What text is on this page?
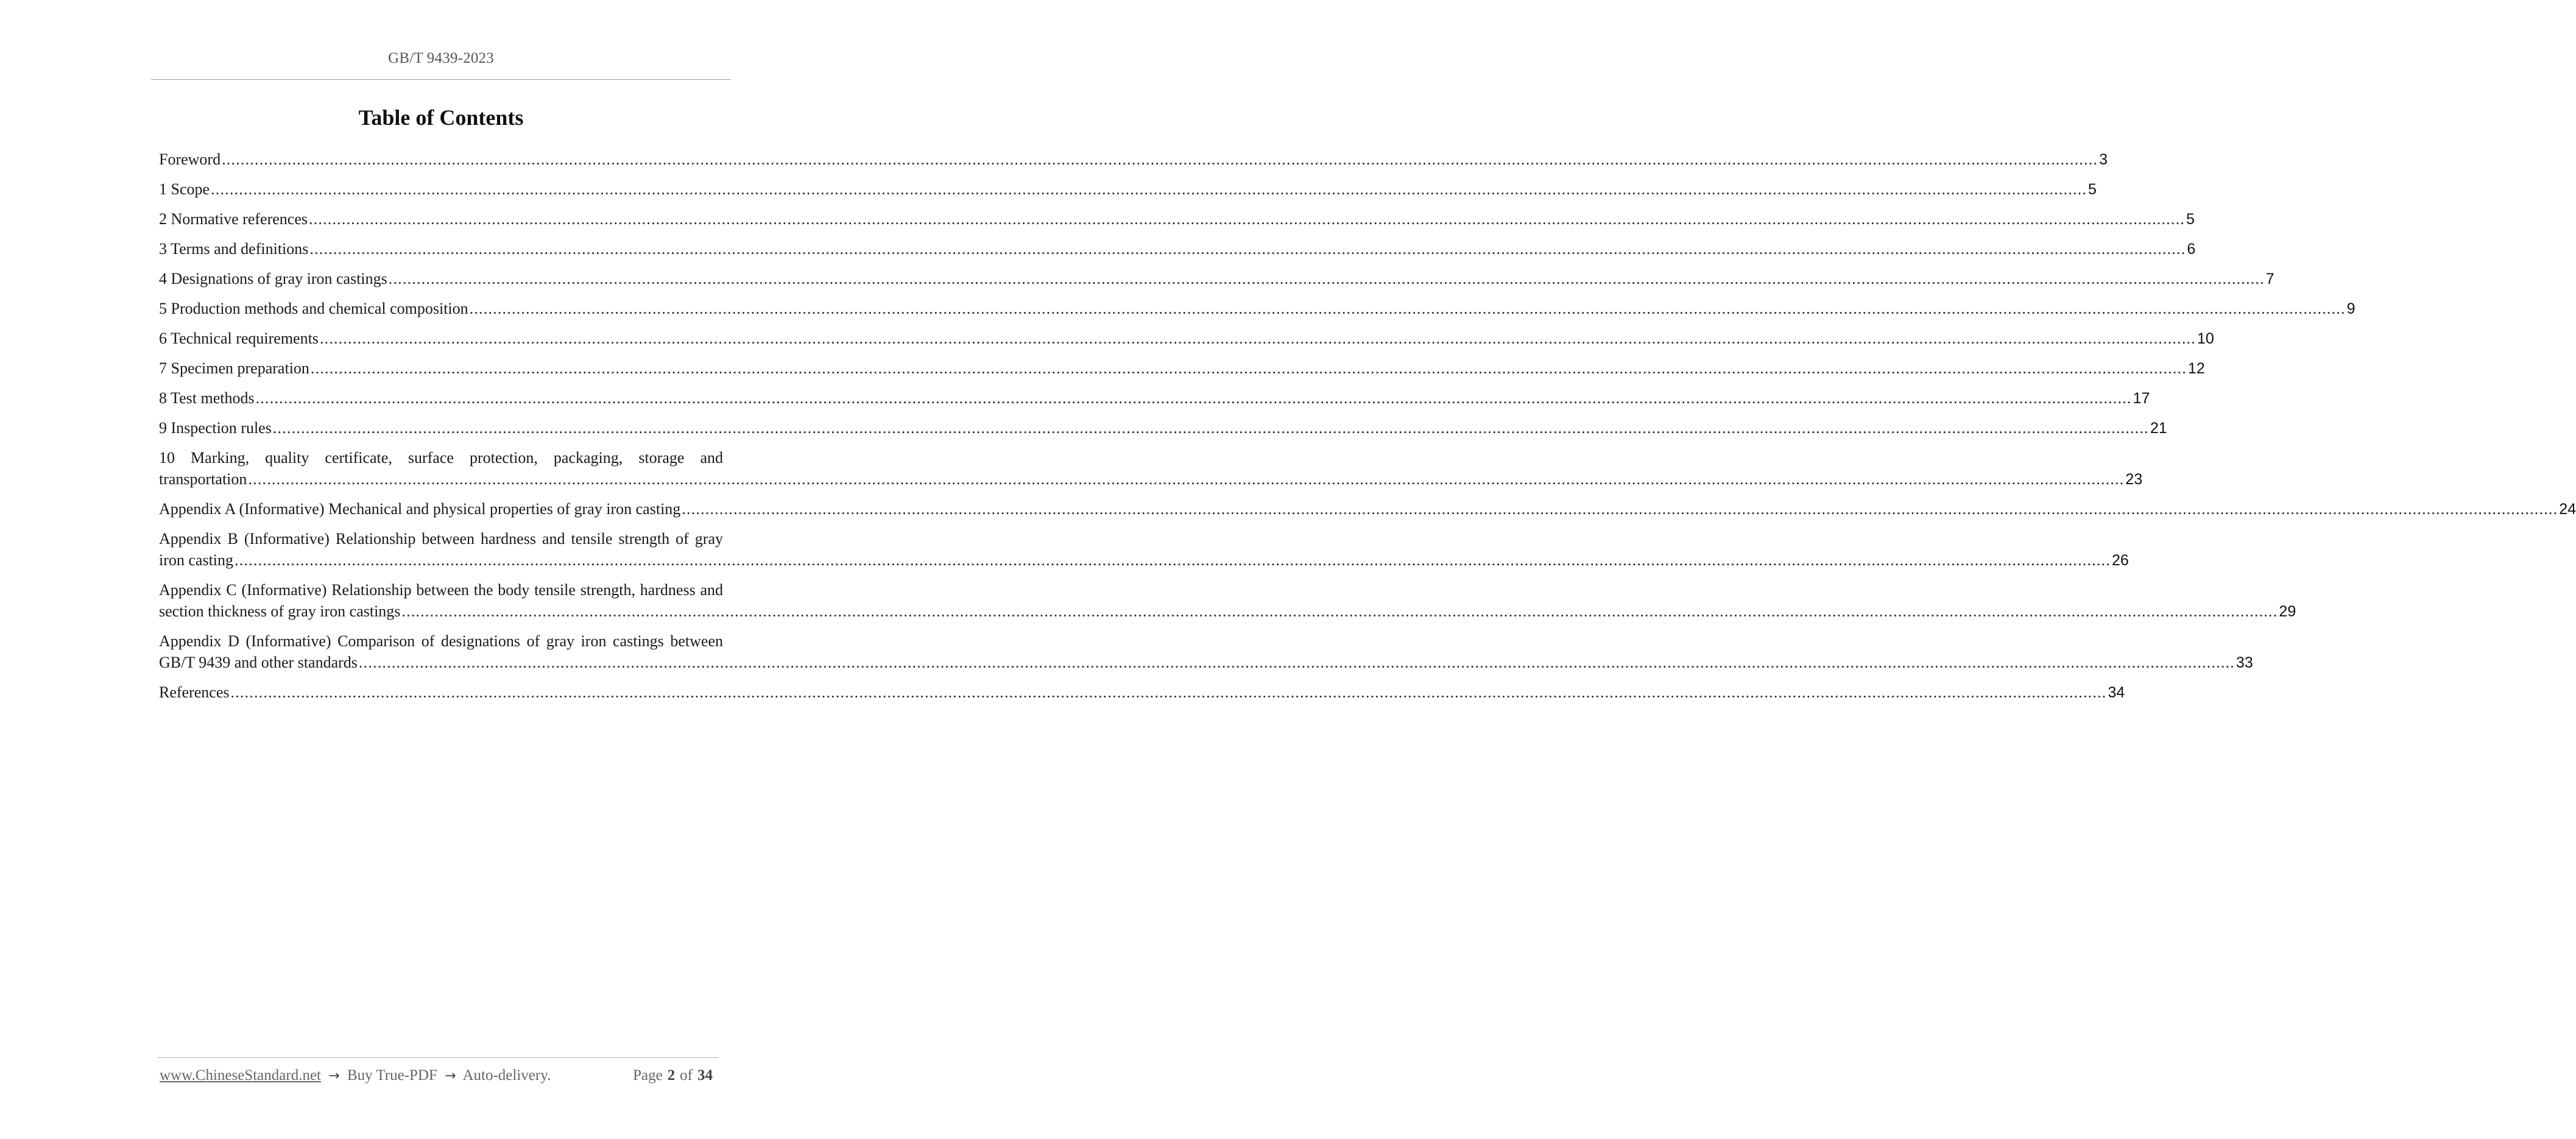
GB/T 9439-2023
Table of Contents
Foreword ................................................................................................................................................................................................................................................................................................................................................................................................................ 3
1 Scope ................................................................................................................................................................................................................................................................................................................................................................................................................ 5
2 Normative references ................................................................................................................................................................................................................................................................................................................................................................................................................ 5
3 Terms and definitions ................................................................................................................................................................................................................................................................................................................................................................................................................ 6
4 Designations of gray iron castings ................................................................................................................................................................................................................................................................................................................................................................................................................ 7
5 Production methods and chemical composition ................................................................................................................................................................................................................................................................................................................................................................................................................ 9
6 Technical requirements ................................................................................................................................................................................................................................................................................................................................................................................................................ 10
7 Specimen preparation ................................................................................................................................................................................................................................................................................................................................................................................................................ 12
8 Test methods ................................................................................................................................................................................................................................................................................................................................................................................................................ 17
9 Inspection rules ................................................................................................................................................................................................................................................................................................................................................................................................................ 21
10 Marking, quality certificate, surface protection, packaging, storage and
transportation ................................................................................................................................................................................................................................................................................................................................................................................................................ 23
Appendix A (Informative) Mechanical and physical properties of gray iron casting ................................................................................................................................................................................................................................................................................................................................................................................................................ 24
Appendix B (Informative) Relationship between hardness and tensile strength of gray
iron casting ................................................................................................................................................................................................................................................................................................................................................................................................................ 26
Appendix C (Informative) Relationship between the body tensile strength, hardness and
section thickness of gray iron castings ................................................................................................................................................................................................................................................................................................................................................................................................................ 29
Appendix D (Informative) Comparison of designations of gray iron castings between
GB/T 9439 and other standards ................................................................................................................................................................................................................................................................................................................................................................................................................ 33
References ................................................................................................................................................................................................................................................................................................................................................................................................................ 34
www.ChineseStandard.net → Buy True-PDF → Auto-delivery.	Page 2 of 34
